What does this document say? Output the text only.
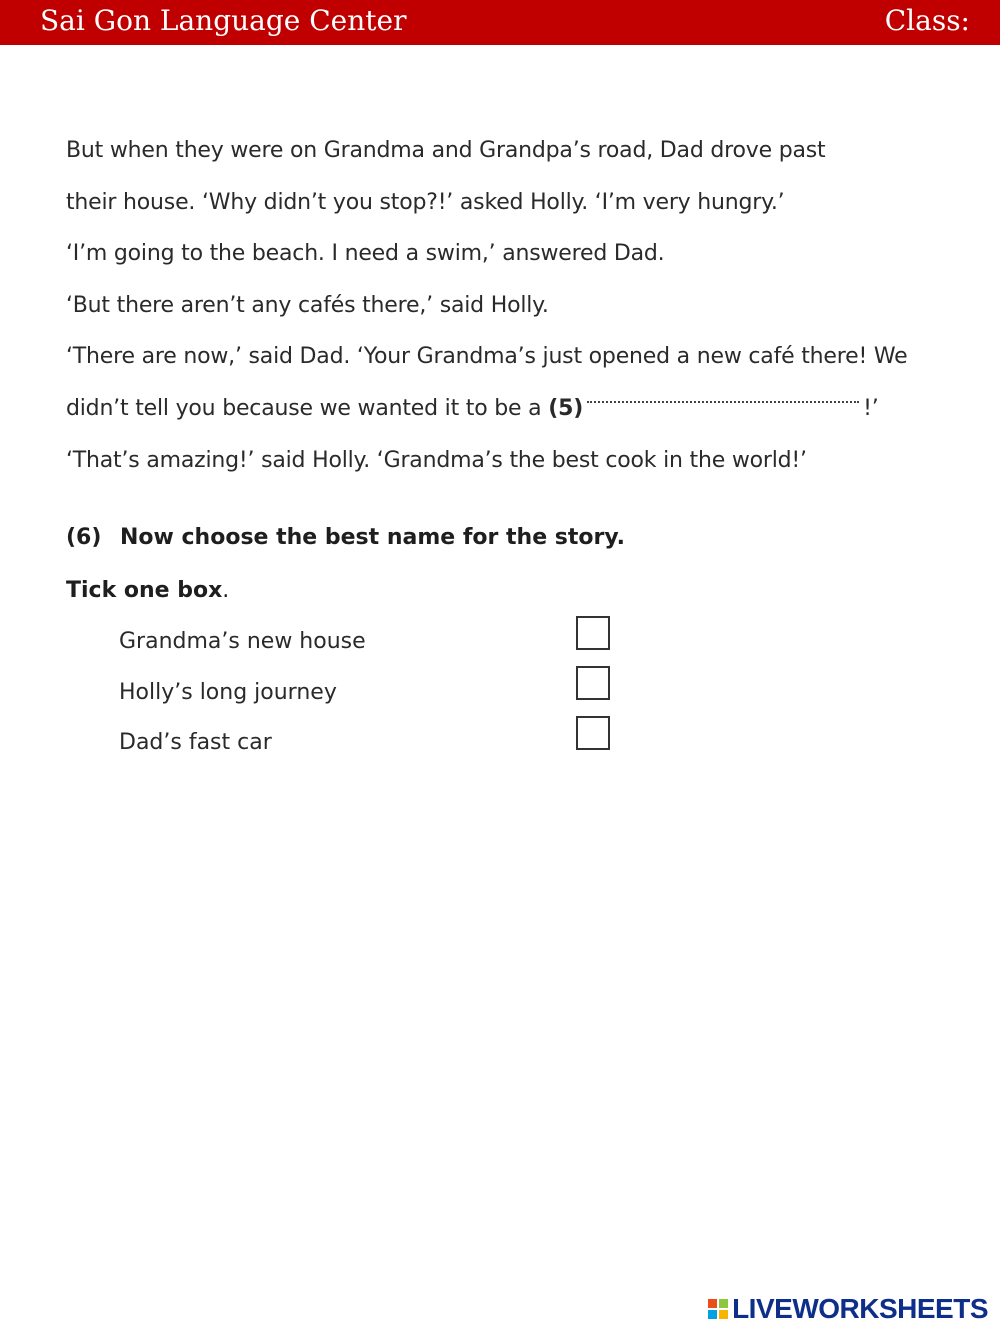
Sai Gon Language Center	Class:
But when they were on Grandma and Grandpa’s road, Dad drove past
their house. ‘Why didn’t you stop?!’ asked Holly. ‘I’m very hungry.’
‘I’m going to the beach. I need a swim,’ answered Dad.
‘But there aren’t any cafés there,’ said Holly.
‘There are now,’ said Dad. ‘Your Grandma’s just opened a new café there! We
didn’t tell you because we wanted it to be a (5)	!’
‘That’s amazing!’ said Holly. ‘Grandma’s the best cook in the world!’
(6) Now choose the best name for the story.
Tick one box.
Grandma’s new house
Holly’s long journey
Dad’s fast car
LIVEWORKSHEETS
